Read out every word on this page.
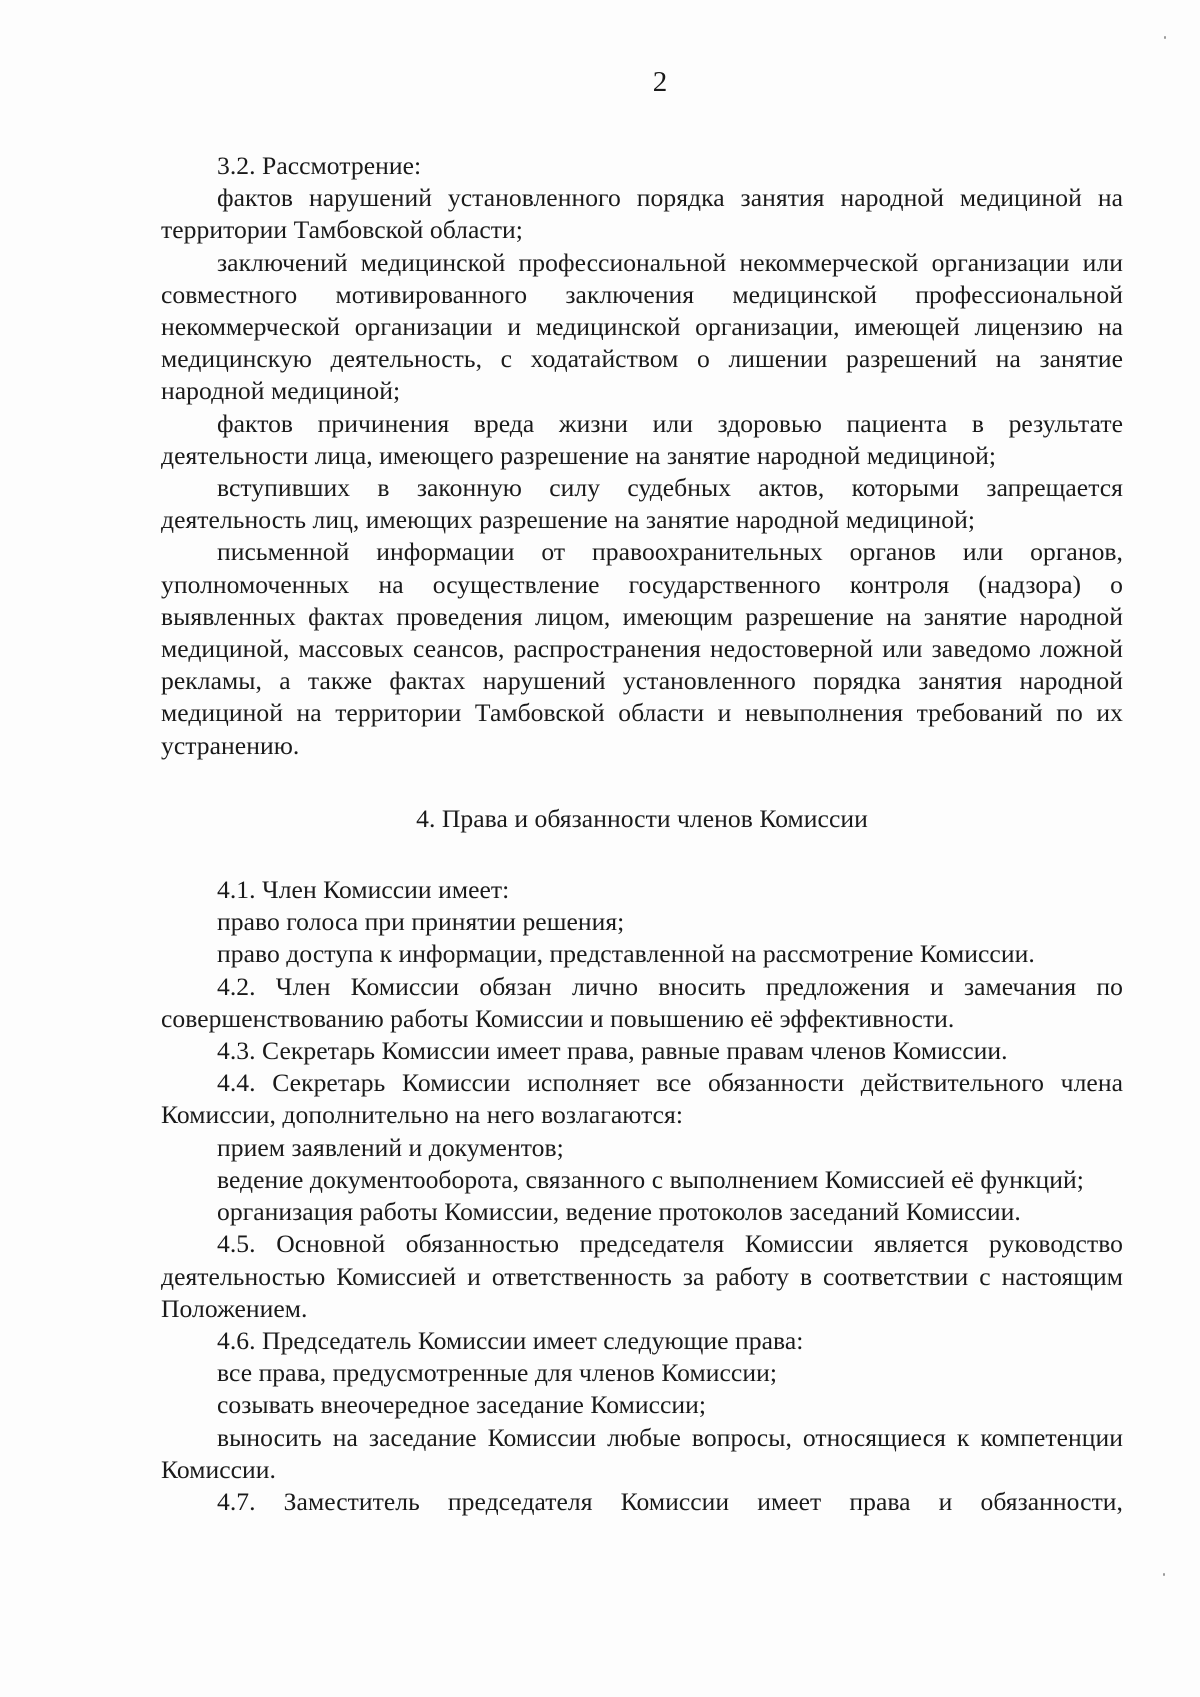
2

3.2. Рассмотрение:

фактов нарушений установленного порядка занятия народной медициной на территории Тамбовской области;

заключений медицинской профессиональной некоммерческой организации или совместного мотивированного заключения медицинской профессиональной некоммерческой организации и медицинской организации, имеющей лицензию на медицинскую деятельность, с ходатайством о лишении разрешений на занятие народной медициной;

фактов причинения вреда жизни или здоровью пациента в результате деятельности лица, имеющего разрешение на занятие народной медициной;

вступивших в законную силу судебных актов, которыми запрещается деятельность лиц, имеющих разрешение на занятие народной медициной;

письменной информации от правоохранительных органов или органов, уполномоченных на осуществление государственного контроля (надзора) о выявленных фактах проведения лицом, имеющим разрешение на занятие народной медициной, массовых сеансов, распространения недостоверной или заведомо ложной рекламы, а также фактах нарушений установленного порядка занятия народной медициной на территории Тамбовской области и невыполнения требований по их устранению.

4. Права и обязанности членов Комиссии

4.1. Член Комиссии имеет:

право голоса при принятии решения;

право доступа к информации, представленной на рассмотрение Комиссии.

4.2. Член Комиссии обязан лично вносить предложения и замечания по совершенствованию работы Комиссии и повышению её эффективности.

4.3. Секретарь Комиссии имеет права, равные правам членов Комиссии.

4.4. Секретарь Комиссии исполняет все обязанности действительного члена Комиссии, дополнительно на него возлагаются:

прием заявлений и документов;

ведение документооборота, связанного с выполнением Комиссией её функций;

организация работы Комиссии, ведение протоколов заседаний Комиссии.

4.5. Основной обязанностью председателя Комиссии является руководство деятельностью Комиссией и ответственность за работу в соответствии с настоящим Положением.

4.6. Председатель Комиссии имеет следующие права:

все права, предусмотренные для членов Комиссии;

созывать внеочередное заседание Комиссии;

выносить на заседание Комиссии любые вопросы, относящиеся к компетенции Комиссии.

4.7. Заместитель председателя Комиссии имеет права и обязанности,
